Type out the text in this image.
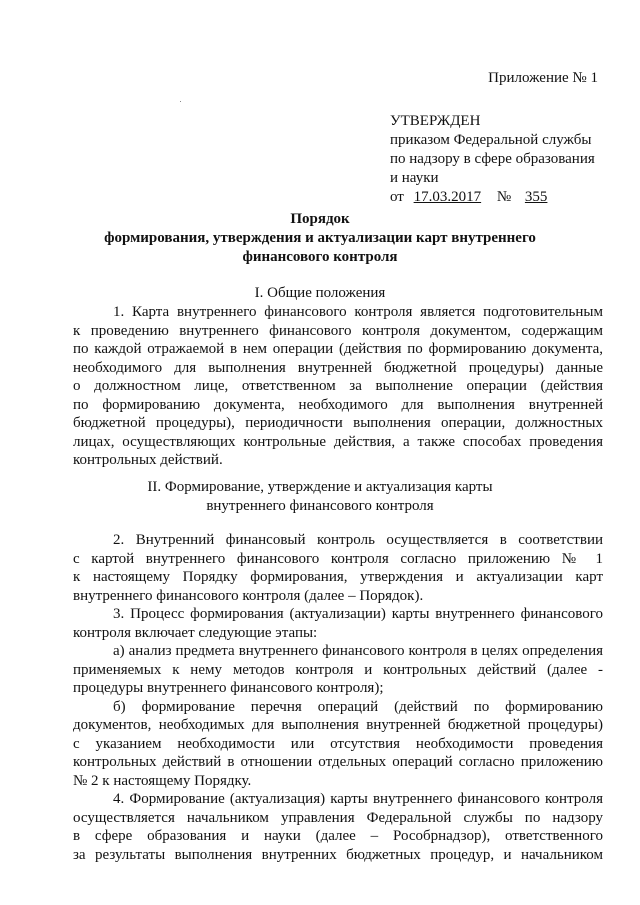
Приложение № 1
УТВЕРЖДЕН
приказом Федеральной службы
по надзору в сфере образования
и науки
от 17.03.2017 № 355
Порядок
формирования, утверждения и актуализации карт внутреннего
финансового контроля
I. Общие положения
1. Карта внутреннего финансового контроля является подготовительным
к проведению внутреннего финансового контроля документом, содержащим
по каждой отражаемой в нем операции (действия по формированию документа,
необходимого для выполнения внутренней бюджетной процедуры) данные
о должностном лице, ответственном за выполнение операции (действия
по формированию документа, необходимого для выполнения внутренней
бюджетной процедуры), периодичности выполнения операции, должностных
лицах, осуществляющих контрольные действия, а также способах проведения
контрольных действий.
II. Формирование, утверждение и актуализация карты
внутреннего финансового контроля
2. Внутренний финансовый контроль осуществляется в соответствии
с картой внутреннего финансового контроля согласно приложению № 1
к настоящему Порядку формирования, утверждения и актуализации карт
внутреннего финансового контроля (далее – Порядок).
3. Процесс формирования (актуализации) карты внутреннего финансового
контроля включает следующие этапы:
а) анализ предмета внутреннего финансового контроля в целях определения
применяемых к нему методов контроля и контрольных действий (далее -
процедуры внутреннего финансового контроля);
б) формирование перечня операций (действий по формированию
документов, необходимых для выполнения внутренней бюджетной процедуры)
с указанием необходимости или отсутствия необходимости проведения
контрольных действий в отношении отдельных операций согласно приложению
№ 2 к настоящему Порядку.
4. Формирование (актуализация) карты внутреннего финансового контроля
осуществляется начальником управления Федеральной службы по надзору
в сфере образования и науки (далее – Рособрнадзор), ответственного
за результаты выполнения внутренних бюджетных процедур, и начальником
